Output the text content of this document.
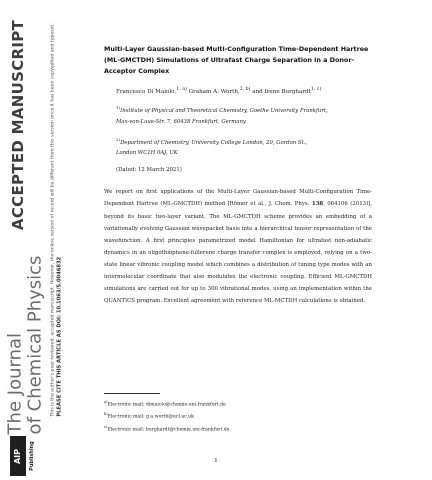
ACCEPTED MANUSCRIPT
The Journal of Chemical Physics This is the author's peer reviewed, accepted manuscript. However, the online version of record will be different from this version once it has been copyedited and typeset. PLEASE CITE THIS ARTICLE AS DOI: 10.1063/5.0046832
AIP Publishing

Multi-Layer Gaussian-based Multi-Configuration Time-Dependent Hartree (ML-GMCTDH) Simulations of Ultrafast Charge Separation in a Donor-Acceptor Complex

Francesco Di Maiolo,$^{1, a)}$ Graham A. Worth,$^{2, b)}$ and Irene Burghardt$^{1, c)}$
$^{1)}$Institute of Physical and Theoretical Chemistry, Goethe University Frankfurt,
Max-von-Laue-Str. 7, 60438 Frankfurt, Germany
$^{2)}$Department of Chemistry, University College London, 20, Gordon St.,
London WC1H 0AJ, UK
(Dated: 12 March 2021)
We report on first applications of the Multi-Layer Gaussian-based Multi-Configuration Time-Dependent Hartree (ML-GMCTDH) method [Römer et al., J. Chem. Phys. 138, 064106 (2013)], beyond its basic two-layer variant. The ML-GMCTDH scheme provides an embedding of a variationally evolving Gaussian wavepacket basis into a hierarchical tensor representation of the wavefunction. A first principles parametrized model Hamiltonian for ultrafast non-adiabatic dynamics in an oligothiophene-fullerene charge transfer complex is employed, relying on a two-state linear vibronic coupling model which combines a distribution of tuning type modes with an intermolecular coordinate that also modulates the electronic coupling. Efficient ML-GMCTDH simulations are carried out for up to 300 vibrational modes, using an implementation within the QUANTICS program. Excellent agreement with reference ML-MCTDH calculations is obtained.
$^{a)}$Electronic mail: dimaiolo@chemie.uni-frankfurt.de
$^{b)}$Electronic mail: g.a.worth@ucl.ac.uk
$^{c)}$Electronic mail: burghardt@chemie.uni-frankfurt.de
1
